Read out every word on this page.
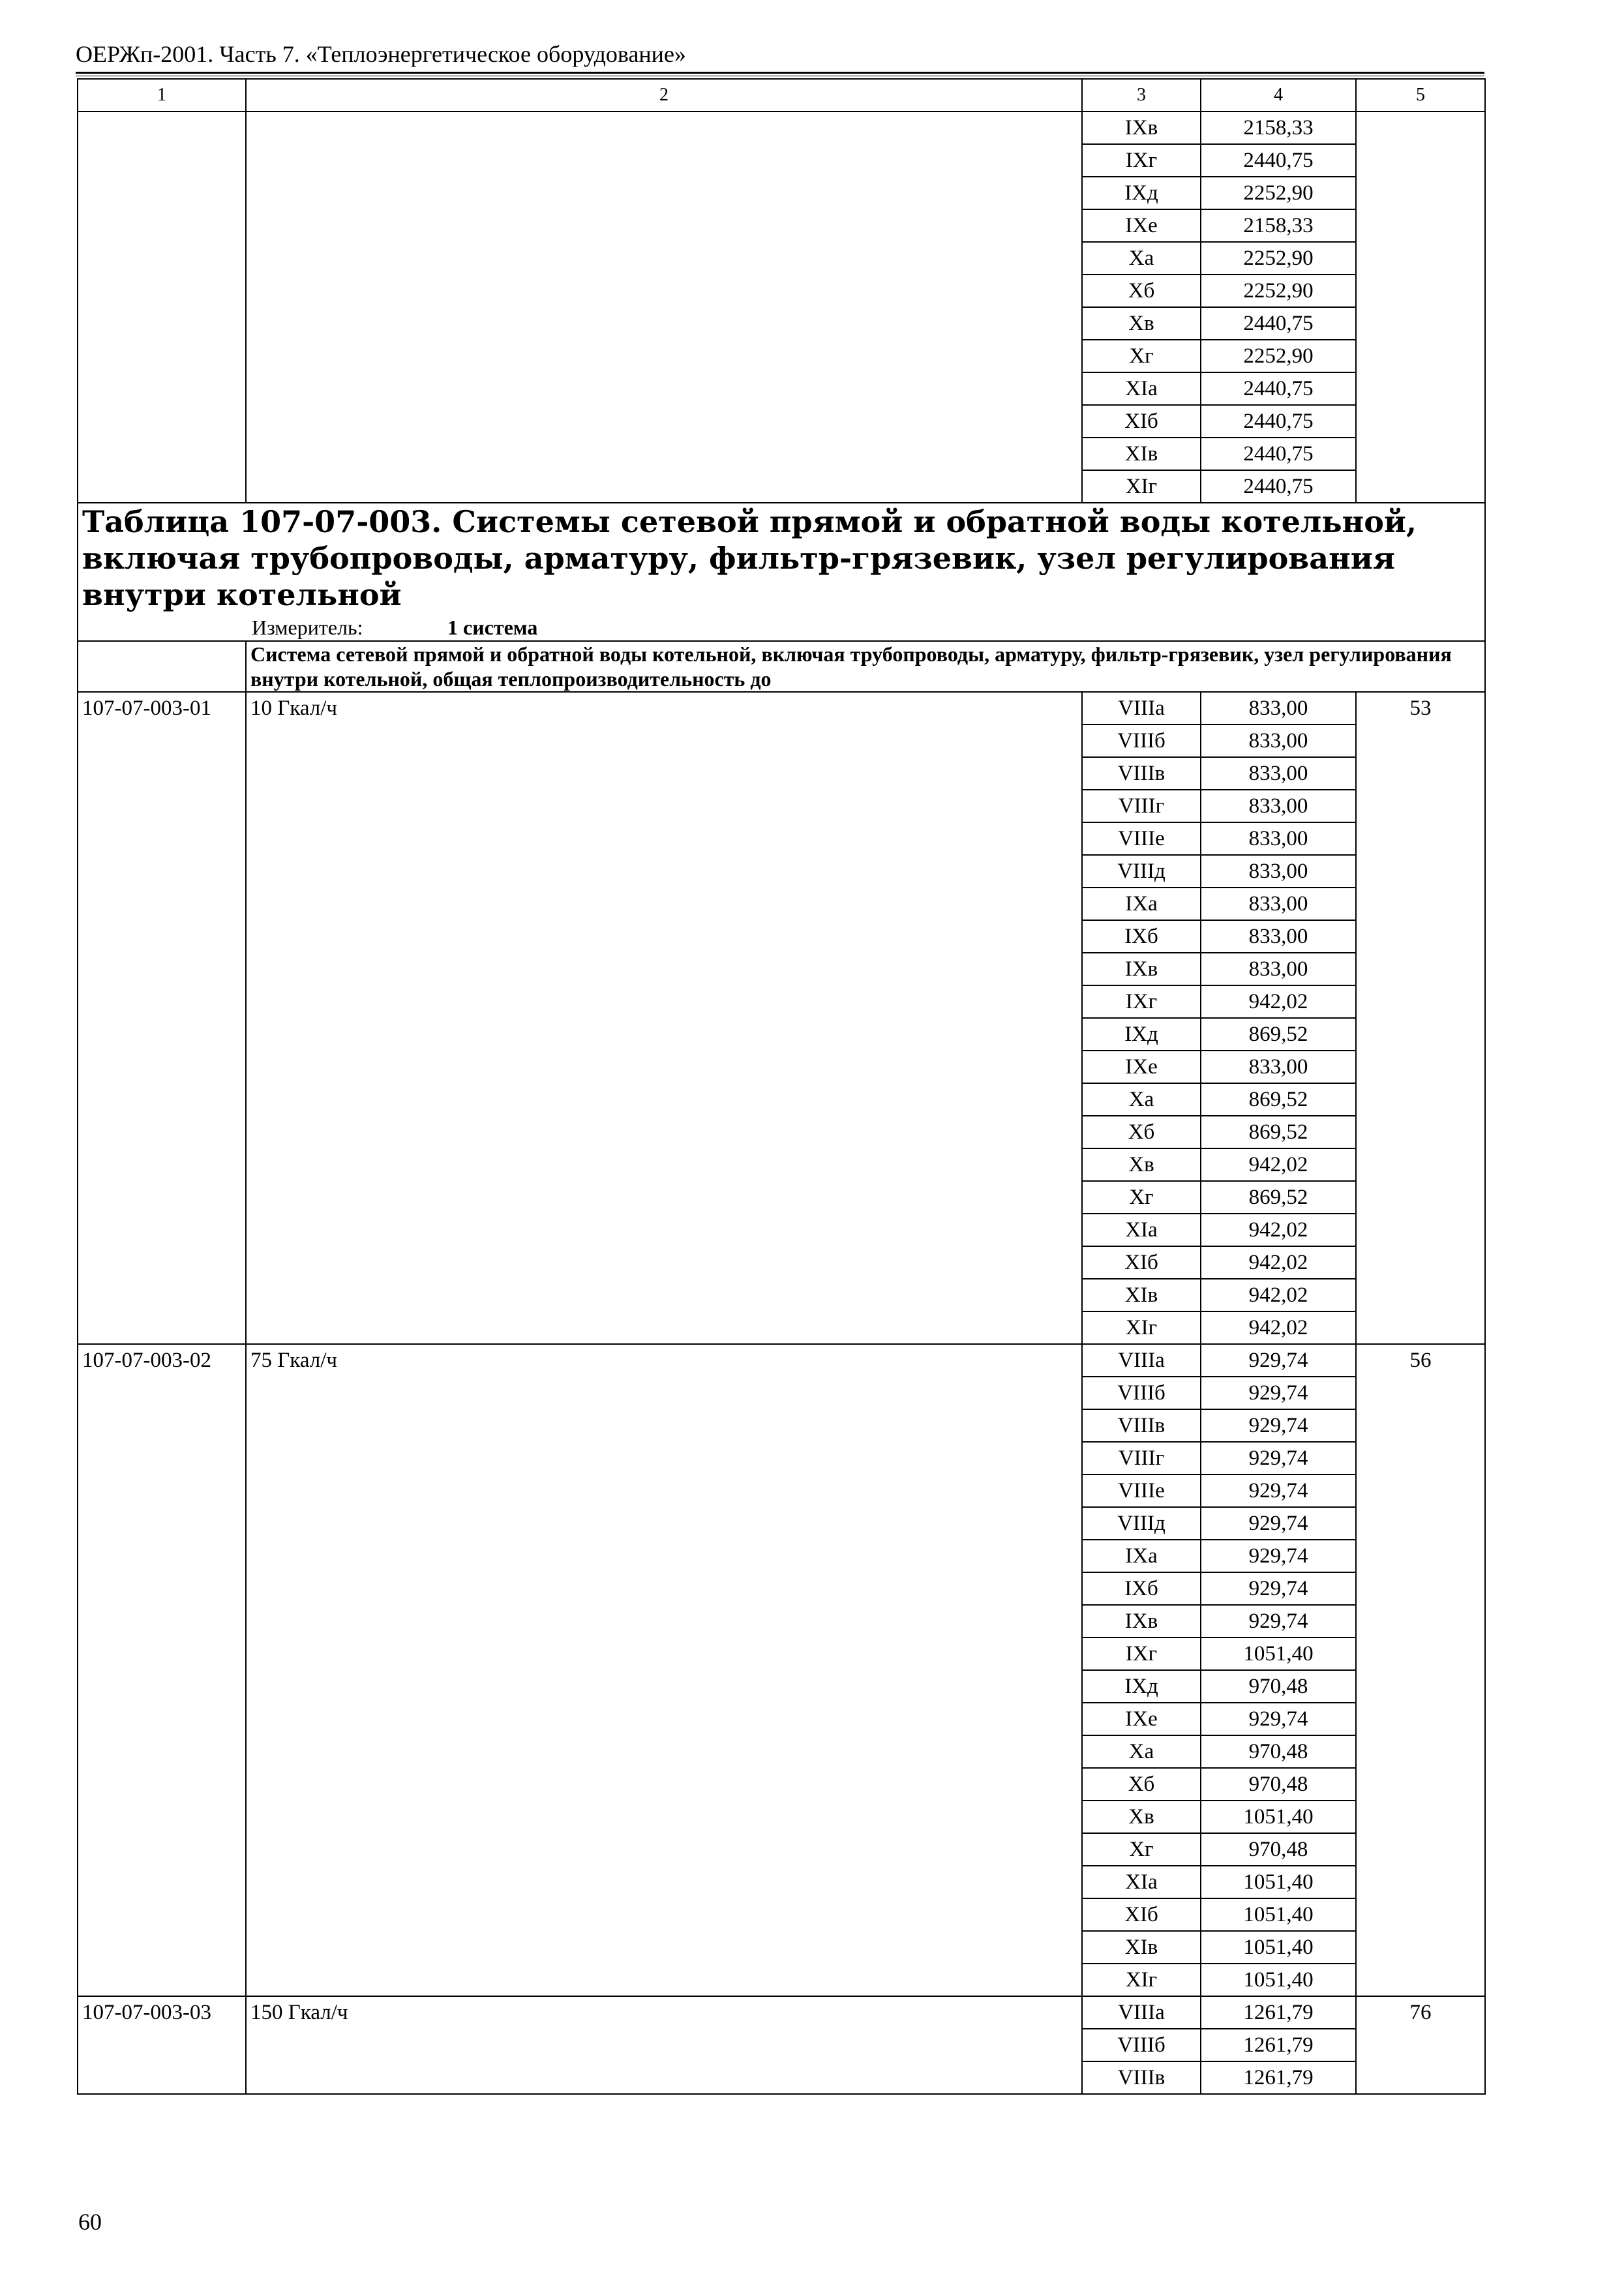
ОЕРЖп-2001. Часть 7. «Теплоэнергетическое оборудование»
1	2	3	4	5
		IXв	2158,33	
		IXг	2440,75	
		IXд	2252,90	
		IXе	2158,33	
		Xа	2252,90	
		Xб	2252,90	
		Xв	2440,75	
		Xг	2252,90	
		XIа	2440,75	
		XIб	2440,75	
		XIв	2440,75	
		XIг	2440,75	

Таблица 107-07-003. Системы сетевой прямой и обратной воды котельной, включая трубопроводы, арматуру, фильтр-грязевик, узел регулирования внутри котельной
Измеритель: 1 система				

	Система сетевой прямой и обратной воды котельной, включая трубопроводы, арматуру, фильтр-грязевик, узел регулирования внутри котельной, общая теплопроизводительность до			
107-07-003-01	10 Гкал/ч	VIIIа	833,00	53
		VIIIб	833,00	
		VIIIв	833,00	
		VIIIг	833,00	
		VIIIе	833,00	
		VIIIд	833,00	
		IXа	833,00	
		IXб	833,00	
		IXв	833,00	
		IXг	942,02	
		IXд	869,52	
		IXе	833,00	
		Xа	869,52	
		Xб	869,52	
		Xв	942,02	
		Xг	869,52	
		XIа	942,02	
		XIб	942,02	
		XIв	942,02	
		XIг	942,02	
107-07-003-02	75 Гкал/ч	VIIIа	929,74	56
		VIIIб	929,74	
		VIIIв	929,74	
		VIIIг	929,74	
		VIIIе	929,74	
		VIIIд	929,74	
		IXа	929,74	
		IXб	929,74	
		IXв	929,74	
		IXг	1051,40	
		IXд	970,48	
		IXе	929,74	
		Xа	970,48	
		Xб	970,48	
		Xв	1051,40	
		Xг	970,48	
		XIа	1051,40	
		XIб	1051,40	
		XIв	1051,40	
		XIг	1051,40	
107-07-003-03	150 Гкал/ч	VIIIа	1261,79	76
		VIIIб	1261,79	
		VIIIв	1261,79	
60
